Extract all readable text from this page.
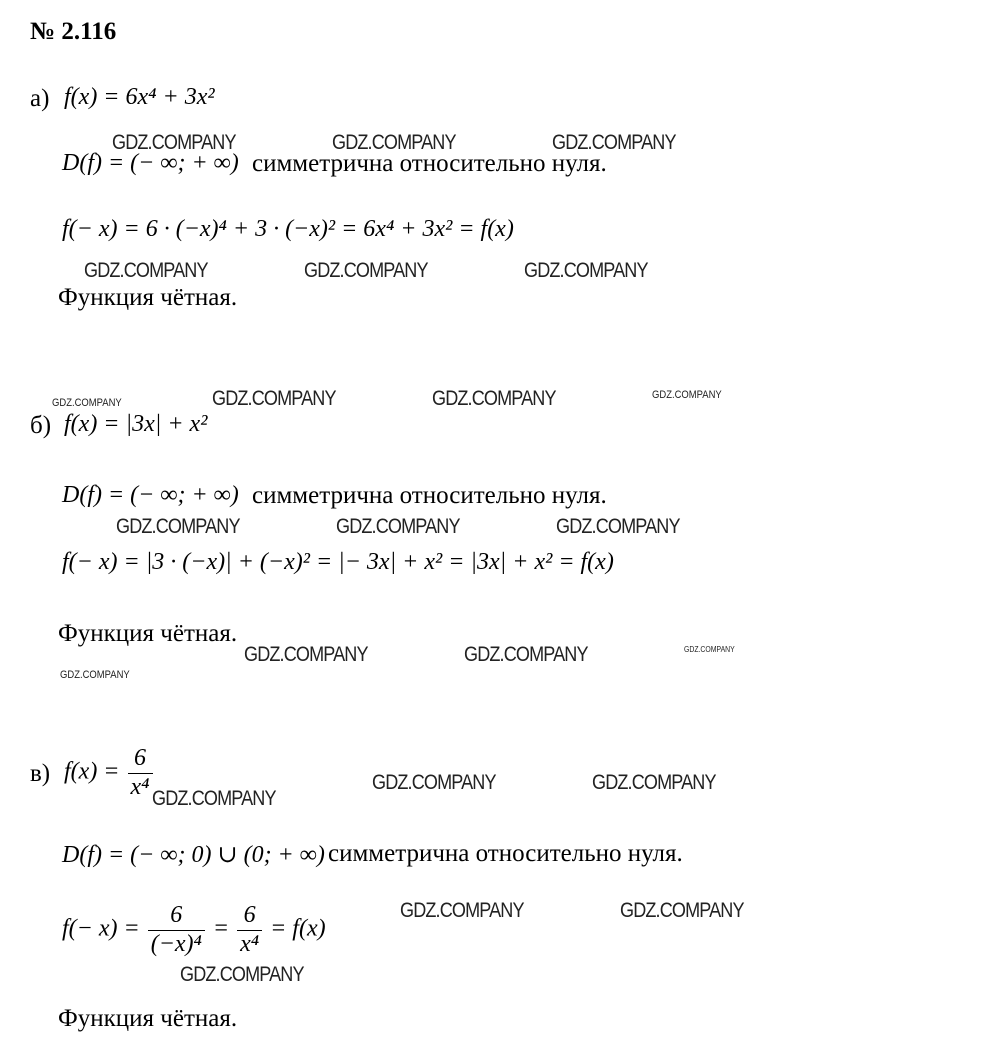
№ 2.116
а) f(x) = 6x⁴ + 3x²
D(f) = (− ∞; + ∞) симметрична относительно нуля.
f(− x) = 6 · (−x)⁴ + 3 · (−x)² = 6x⁴ + 3x² = f(x)
Функция чётная.
б) f(x) = |3x| + x²
D(f) = (− ∞; + ∞) симметрична относительно нуля.
f(− x) = |3 · (−x)| + (−x)² = |− 3x| + x² = |3x| + x² = f(x)
Функция чётная.
в) $f(x) = \frac{6}{\text{x⁴}}$
D(f) = (− ∞; 0) ∪ (0; + ∞) симметрична относительно нуля.
$f(- x) = \frac{6}{\text{(−x)⁴}} = \frac{6}{\text{x⁴}} = f(x)$
Функция чётная.
GDZ.COMPANY	GDZ.COMPANY	GDZ.COMPANY
GDZ.COMPANY	GDZ.COMPANY	GDZ.COMPANY
GDZ.COMPANY	GDZ.COMPANY	GDZ.COMPANY	GDZ.COMPANY
GDZ.COMPANY	GDZ.COMPANY	GDZ.COMPANY
GDZ.COMPANY	GDZ.COMPANY	GDZ.COMPANY
GDZ.COMPANY
GDZ.COMPANY
GDZ.COMPANY	GDZ.COMPANY
GDZ.COMPANY	GDZ.COMPANY
GDZ.COMPANY
